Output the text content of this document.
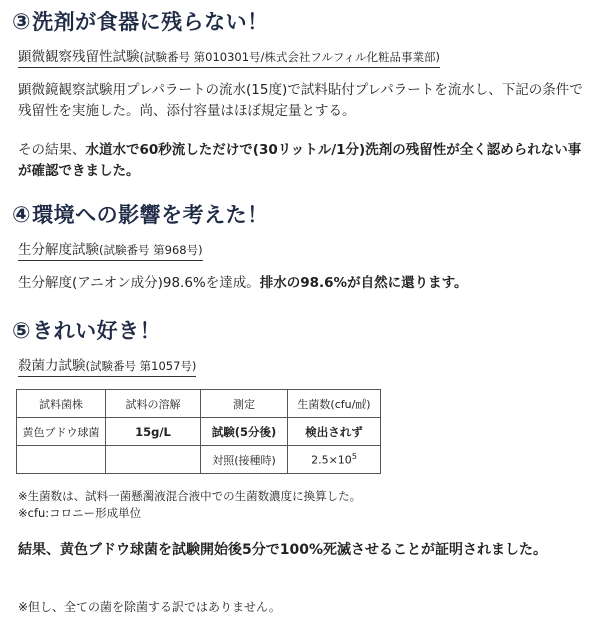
③洗剤が食器に残らない！
顕微観察残留性試験(試験番号 第010301号/株式会社フルフィル化粧品事業部)
顕微鏡観察試験用プレパラートの流水(15度)で試料貼付プレパラートを流水し、下記の条件で残留性を実施した。尚、添付容量はほぼ規定量とする。
その結果、水道水で60秒流しただけで(30リットル/1分)洗剤の残留性が全く認められない事が確認できました。
④環境への影響を考えた！
生分解度試験(試験番号 第968号)
生分解度(アニオン成分)98.6%を達成。排水の98.6%が自然に還ります。
⑤きれい好き！
殺菌力試験(試験番号 第1057号)
試料菌株	試料の溶解	測定	生菌数(cfu/㎖)
黄色ブドウ球菌	15g/L	試験(5分後)	検出されず
		対照(接種時)	$2.5\times 10^5$
※生菌数は、試料一菌懸濁液混合液中での生菌数濃度に換算した。
※cfu:コロニー形成単位
結果、黄色ブドウ球菌を試験開始後5分で100%死滅させることが証明されました。
※但し、全ての菌を除菌する訳ではありません。
